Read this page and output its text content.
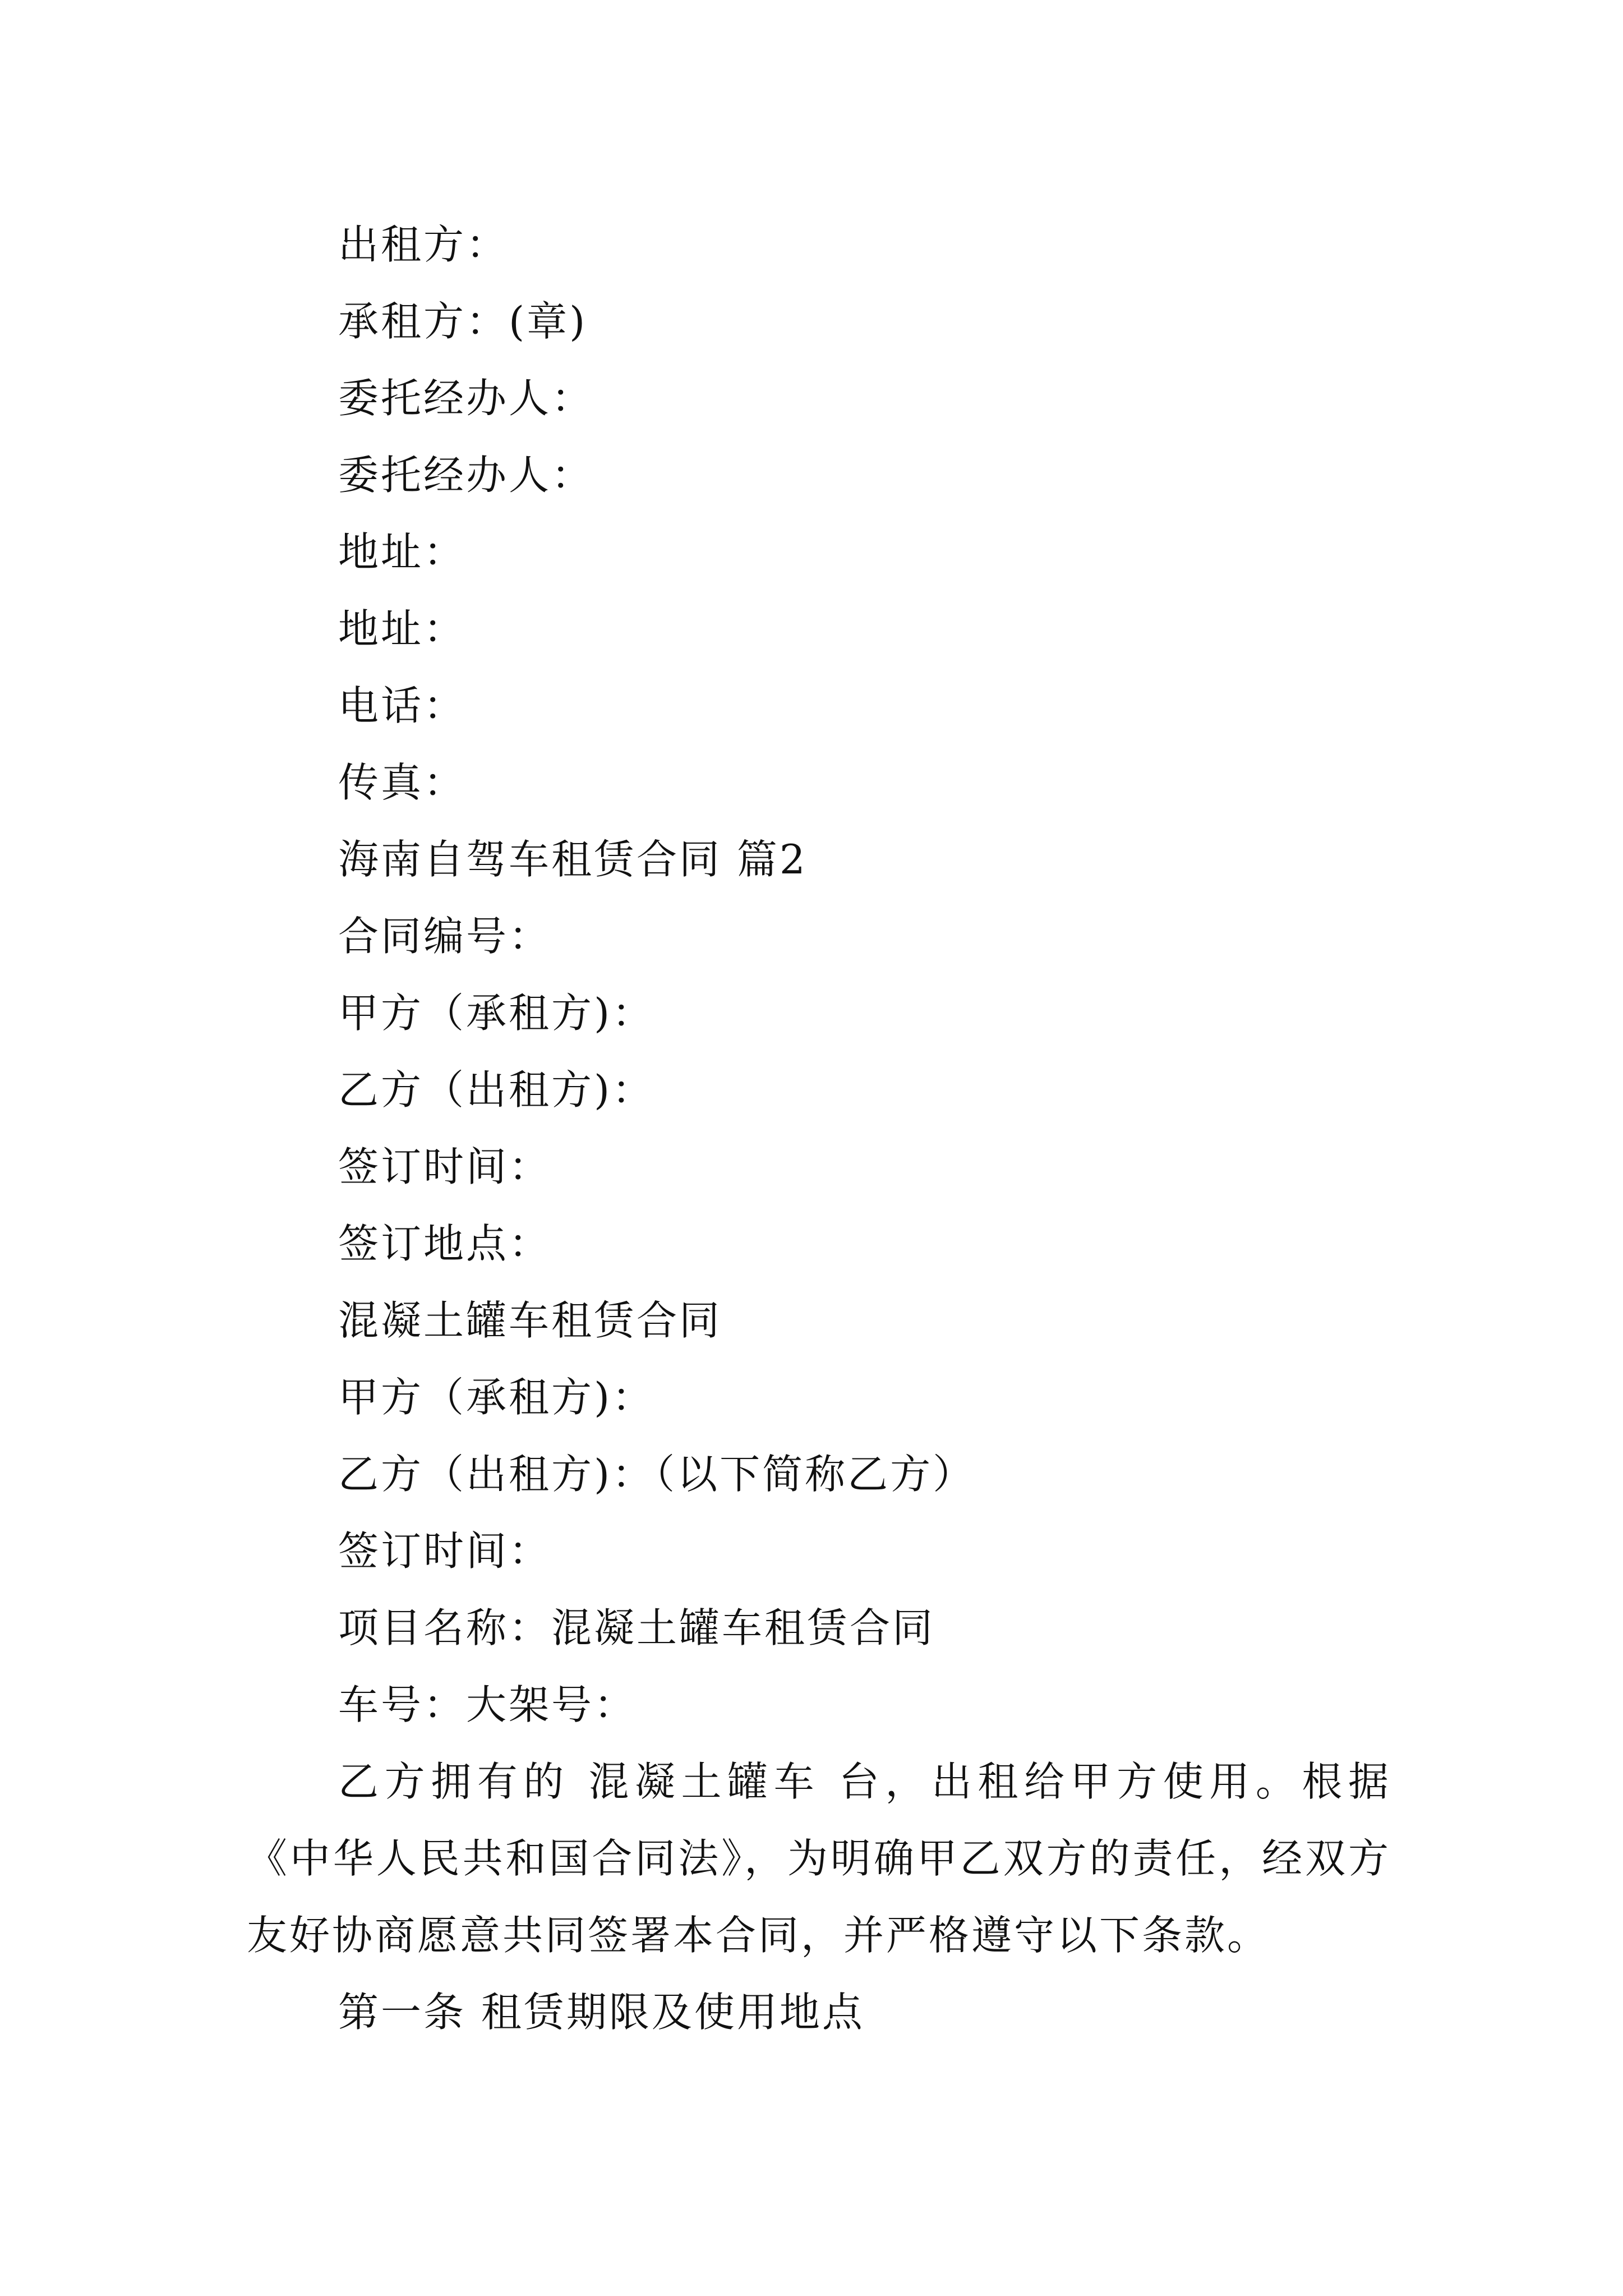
出租方：
承租方：(章)
委托经办人：
委托经办人：
地址：
地址：
电话：
传真：
海南自驾车租赁合同 篇2
合同编号：
甲方（承租方)：
乙方（出租方)：
签订时间：
签订地点：
混凝土罐车租赁合同
甲方（承租方)：
乙方（出租方)：（以下简称乙方）
签订时间：
项目名称：混凝土罐车租赁合同
车号：大架号：
乙方拥有的 混凝土罐车 台，出租给甲方使用。根据《中华人民共和国合同法》，为明确甲乙双方的责任，经双方友好协商愿意共同签署本合同，并严格遵守以下条款。
第一条 租赁期限及使用地点
